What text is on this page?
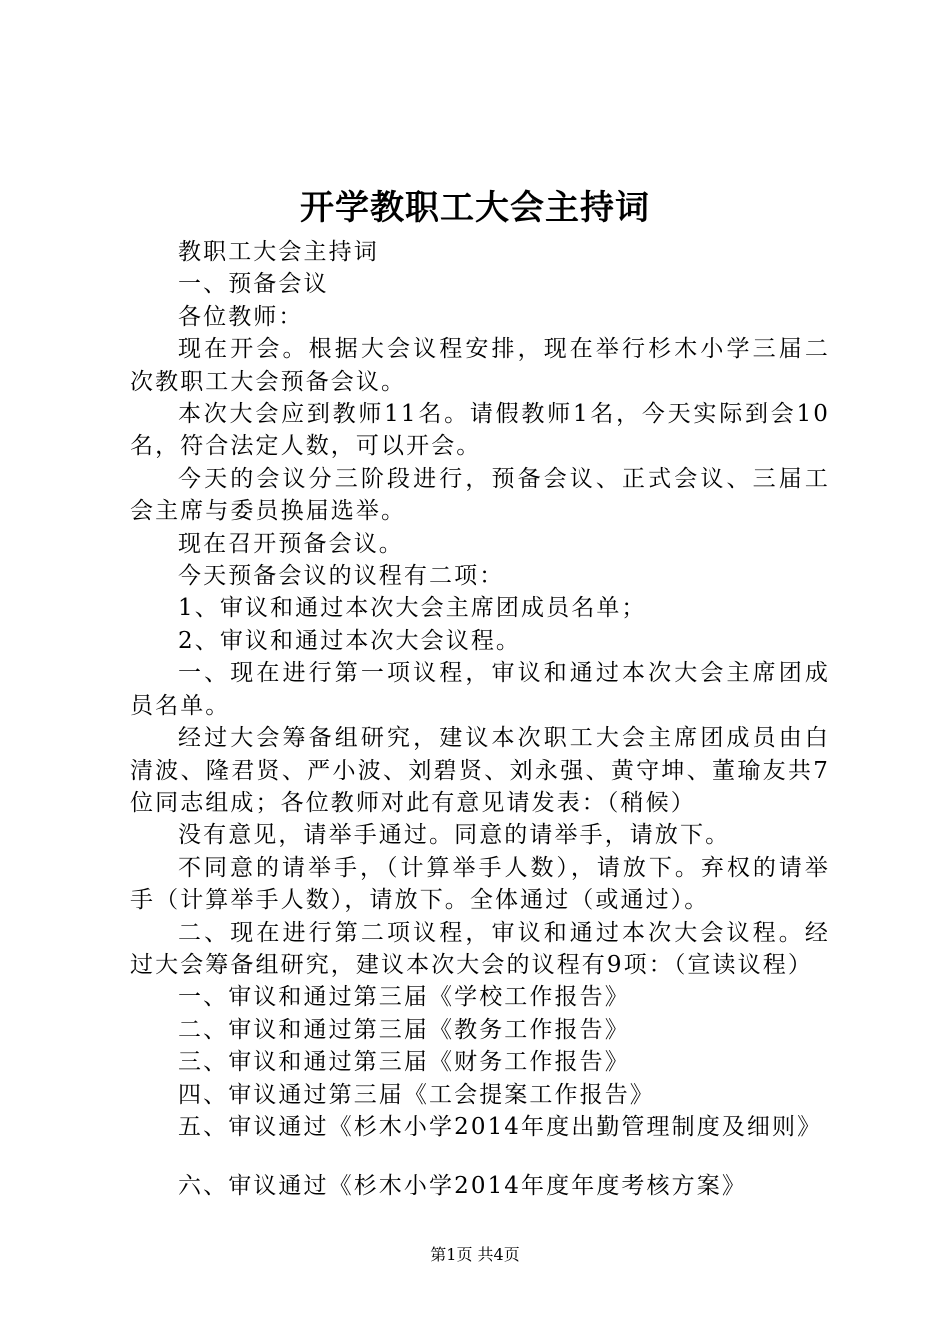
开学教职工大会主持词

教职工大会主持词

一、预备会议

各位教师：

现在开会。根据大会议程安排，现在举行杉木小学三届二次教职工大会预备会议。

本次大会应到教师11名。请假教师1名，今天实际到会10名，符合法定人数，可以开会。

今天的会议分三阶段进行，预备会议、正式会议、三届工会主席与委员换届选举。

现在召开预备会议。

今天预备会议的议程有二项：

1、审议和通过本次大会主席团成员名单；

2、审议和通过本次大会议程。

一、现在进行第一项议程，审议和通过本次大会主席团成员名单。

经过大会筹备组研究，建议本次职工大会主席团成员由白清波、隆君贤、严小波、刘碧贤、刘永强、黄守坤、董瑜友共7位同志组成；各位教师对此有意见请发表：（稍候）

没有意见，请举手通过。同意的请举手，请放下。

不同意的请举手，（计算举手人数），请放下。弃权的请举手（计算举手人数），请放下。全体通过（或通过）。

二、现在进行第二项议程，审议和通过本次大会议程。经过大会筹备组研究，建议本次大会的议程有9项：（宣读议程）

一、审议和通过第三届《学校工作报告》

二、审议和通过第三届《教务工作报告》

三、审议和通过第三届《财务工作报告》

四、审议通过第三届《工会提案工作报告》

五、审议通过《杉木小学2014年度出勤管理制度及细则》

六、审议通过《杉木小学2014年度年度考核方案》

第1页 共4页
